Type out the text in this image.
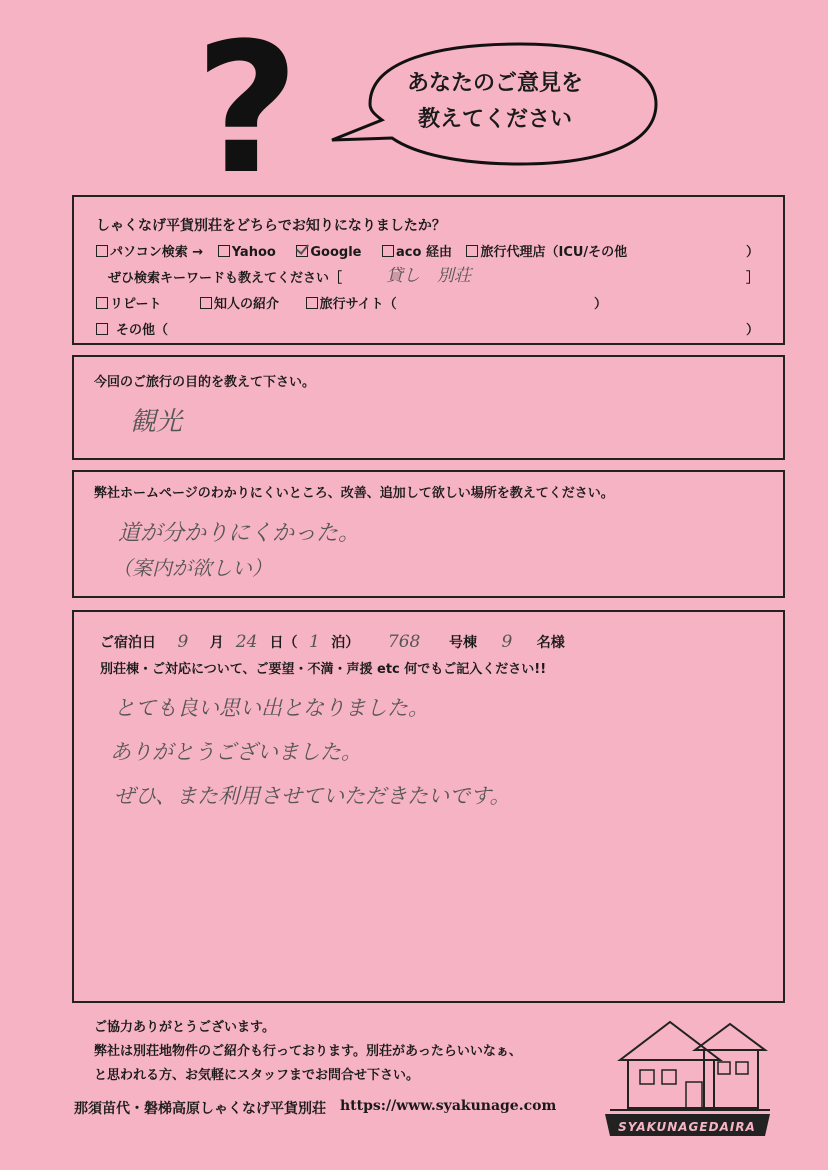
?	あなたのご意見を
教えてください
しゃくなげ平貨別荘をどちらでお知りになりましたか？
パソコン検索 → Yahoo	Google	aco 経由 旅行代理店（ICU/その他	）
ぜひ検索キーワードも教えてください［	貸し　別荘	］
リピート	知人の紹介	旅行サイト（	）
その他（	）
今回のご旅行の目的を教えて下さい。
観光
弊社ホームページのわかりにくいところ、改善、追加して欲しい場所を教えてください。
道が分かりにくかった。
（案内が欲しい）
ご宿泊日 9 月 24 日（ 1 泊） 768 号棟 9 名様
別荘棟・ご対応について、ご要望・不満・声援 etc 何でもご記入ください!!
とても良い思い出となりました。
ありがとうございました。
ぜひ、また利用させていただきたいです。
ご協力ありがとうございます。
弊社は別荘地物件のご紹介も行っております。別荘があったらいいなぁ、
と思われる方、お気軽にスタッフまでお問合せ下さい。
那須苗代・磐梯高原しゃくなげ平貨別荘 https://www.syakunage.com
SYAKUNAGEDAIRA
